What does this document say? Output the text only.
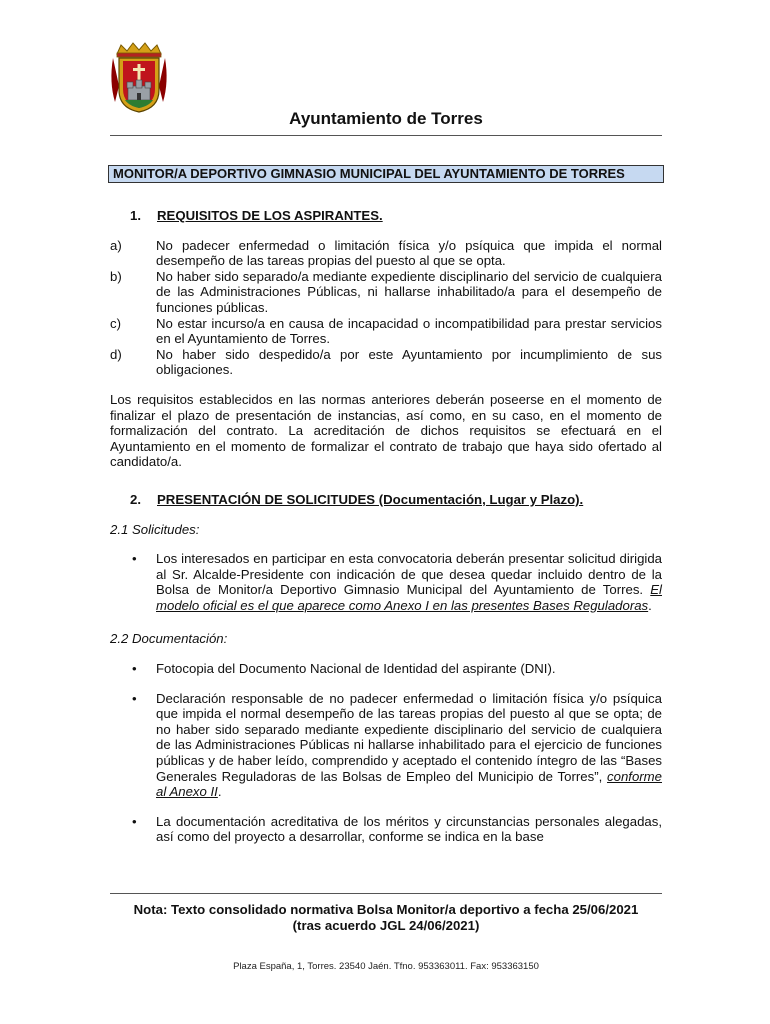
Ayuntamiento de Torres
MONITOR/A DEPORTIVO GIMNASIO MUNICIPAL DEL AYUNTAMIENTO DE TORRES
1. REQUISITOS DE LOS ASPIRANTES.
a)	No padecer enfermedad o limitación física y/o psíquica que impida el normal desempeño de las tareas propias del puesto al que se opta.
b)	No haber sido separado/a mediante expediente disciplinario del servicio de cualquiera de las Administraciones Públicas, ni hallarse inhabilitado/a para el desempeño de funciones públicas.
c)	No estar incurso/a en causa de incapacidad o incompatibilidad para prestar servicios en el Ayuntamiento de Torres.
d)	No haber sido despedido/a por este Ayuntamiento por incumplimiento de sus obligaciones.

Los requisitos establecidos en las normas anteriores deberán poseerse en el momento de finalizar el plazo de presentación de instancias, así como, en su caso, en el momento de formalización del contrato. La acreditación de dichos requisitos se efectuará en el Ayuntamiento en el momento de formalizar el contrato de trabajo que haya sido ofertado al candidato/a.

2. PRESENTACIÓN DE SOLICITUDES (Documentación, Lugar y Plazo).
2.1 Solicitudes:
•	Los interesados en participar en esta convocatoria deberán presentar solicitud dirigida al Sr. Alcalde-Presidente con indicación de que desea quedar incluido dentro de la Bolsa de Monitor/a Deportivo Gimnasio Municipal del Ayuntamiento de Torres. El modelo oficial es el que aparece como Anexo I en las presentes Bases Reguladoras.
2.2 Documentación:
•	Fotocopia del Documento Nacional de Identidad del aspirante (DNI).
•	Declaración responsable de no padecer enfermedad o limitación física y/o psíquica que impida el normal desempeño de las tareas propias del puesto al que se opta; de no haber sido separado mediante expediente disciplinario del servicio de cualquiera de las Administraciones Públicas ni hallarse inhabilitado para el ejercicio de funciones públicas y de haber leído, comprendido y aceptado el contenido íntegro de las “Bases Generales Reguladoras de las Bolsas de Empleo del Municipio de Torres”, conforme al Anexo II.
•	La documentación acreditativa de los méritos y circunstancias personales alegadas, así como del proyecto a desarrollar, conforme se indica en la base
Nota: Texto consolidado normativa Bolsa Monitor/a deportivo a fecha 25/06/2021
(tras acuerdo JGL 24/06/2021)
Plaza España, 1, Torres. 23540 Jaén. Tfno. 953363011. Fax: 953363150
